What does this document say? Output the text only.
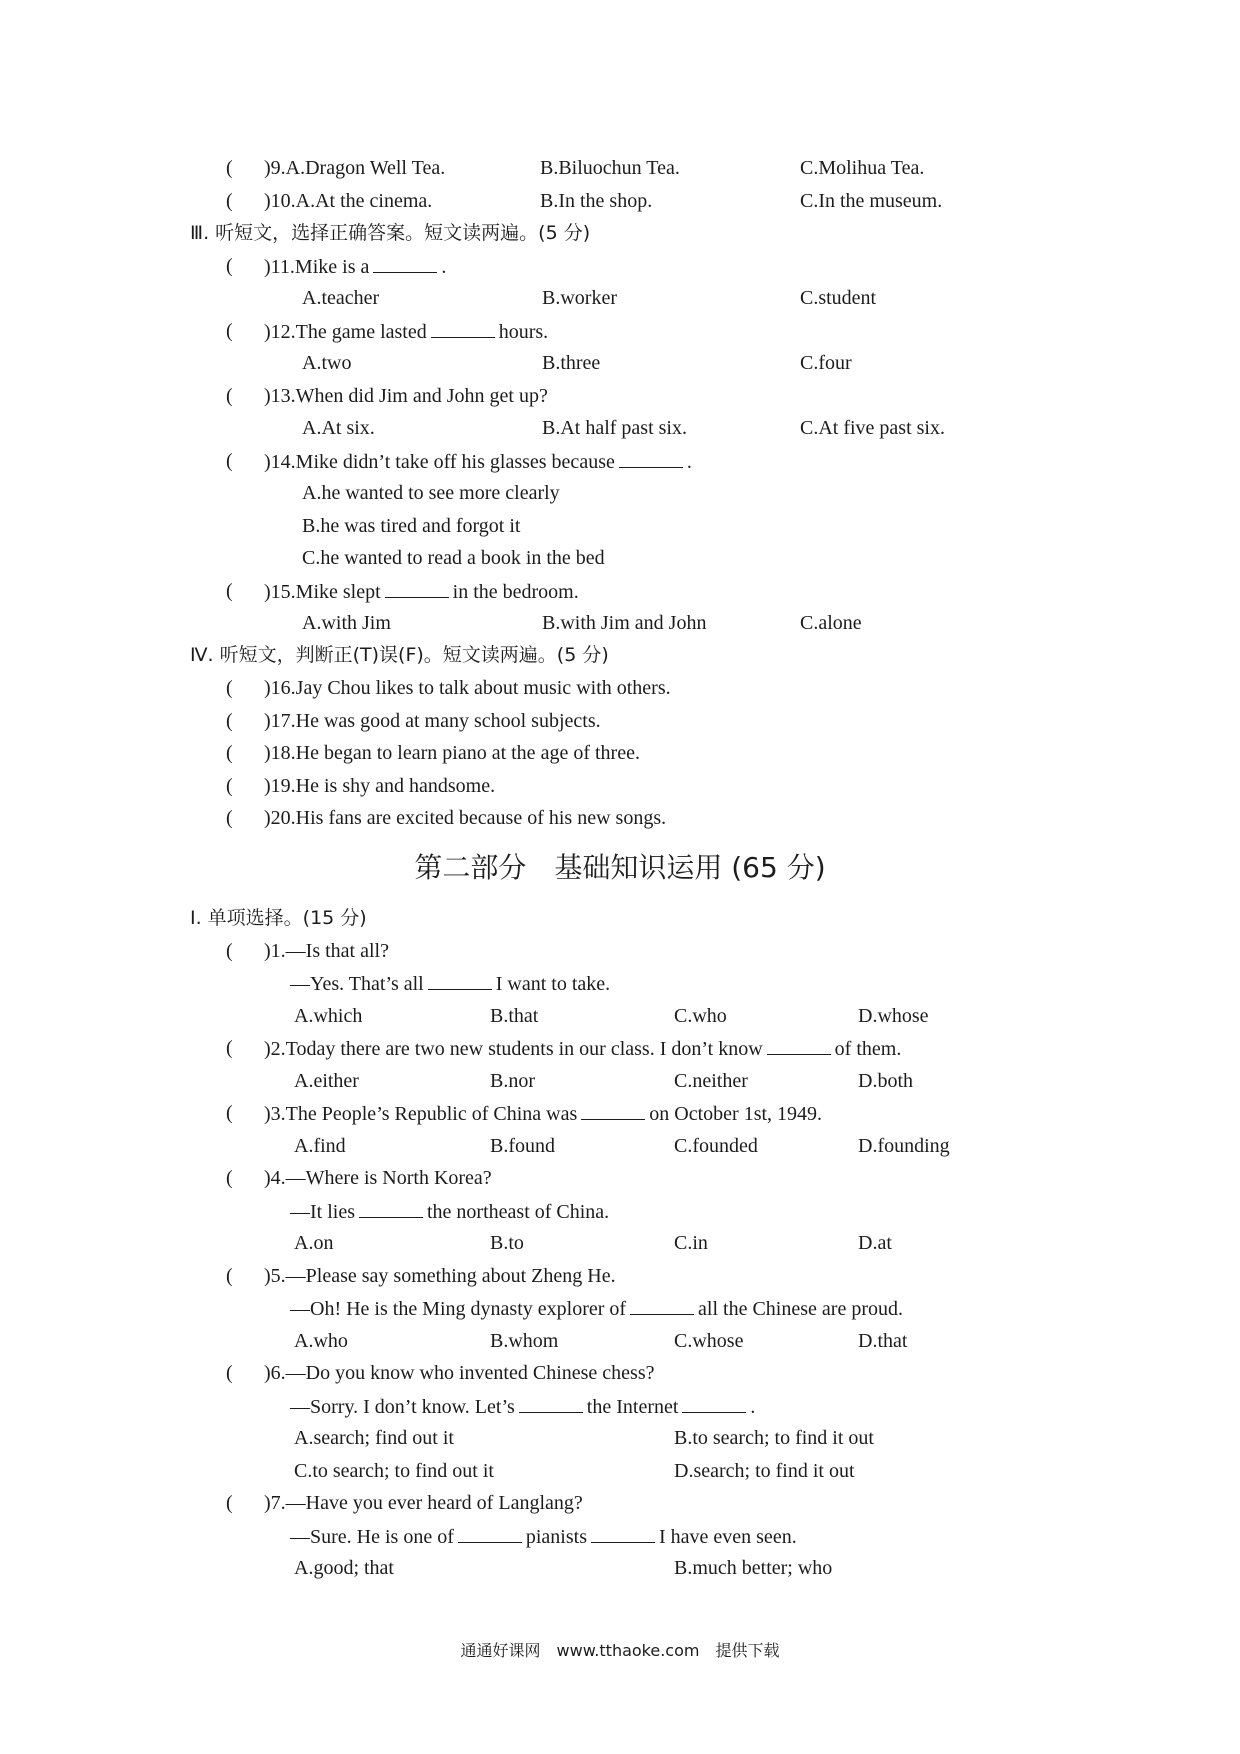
( )9.A.Dragon Well Tea.	B.Biluochun Tea.	C.Molihua Tea.
( )10.A.At the cinema.	B.In the shop.	C.In the museum.
Ⅲ. 听短文，选择正确答案。短文读两遍。(5 分)
( )11.Mike is a	.
A.teacher	B.worker	C.student
( )12.The game lasted	hours.
A.two	B.three	C.four
( )13.When did Jim and John get up?
A.At six.	B.At half past six.	C.At five past six.
( )14.Mike didn’t take off his glasses because	.
A.he wanted to see more clearly
B.he was tired and forgot it
C.he wanted to read a book in the bed
( )15.Mike slept	in the bedroom.
A.with Jim	B.with Jim and John	C.alone
Ⅳ. 听短文，判断正(T)误(F)。短文读两遍。(5 分)
( )16.Jay Chou likes to talk about music with others.
( )17.He was good at many school subjects.
( )18.He began to learn piano at the age of three.
( )19.He is shy and handsome.
( )20.His fans are excited because of his new songs.
第二部分　基础知识运用 (65 分)
Ⅰ. 单项选择。(15 分)
( )1.—Is that all?
—Yes. That’s all	I want to take.
A.which	B.that	C.who	D.whose
( )2.Today there are two new students in our class. I don’t know	of them.
A.either	B.nor	C.neither	D.both
( )3.The People’s Republic of China was	on October 1st, 1949.
A.find	B.found	C.founded	D.founding
( )4.—Where is North Korea?
—It lies	the northeast of China.
A.on	B.to	C.in	D.at
( )5.—Please say something about Zheng He.
—Oh! He is the Ming dynasty explorer of	all the Chinese are proud.
A.who	B.whom	C.whose	D.that
( )6.—Do you know who invented Chinese chess?
—Sorry. I don’t know. Let’s	the Internet	.
A.search; find out it	B.to search; to find it out
C.to search; to find out it	D.search; to find it out
( )7.—Have you ever heard of Langlang?
—Sure. He is one of	pianists	I have even seen.
A.good; that	B.much better; who
通通好课网　www.tthaoke.com　提供下载
